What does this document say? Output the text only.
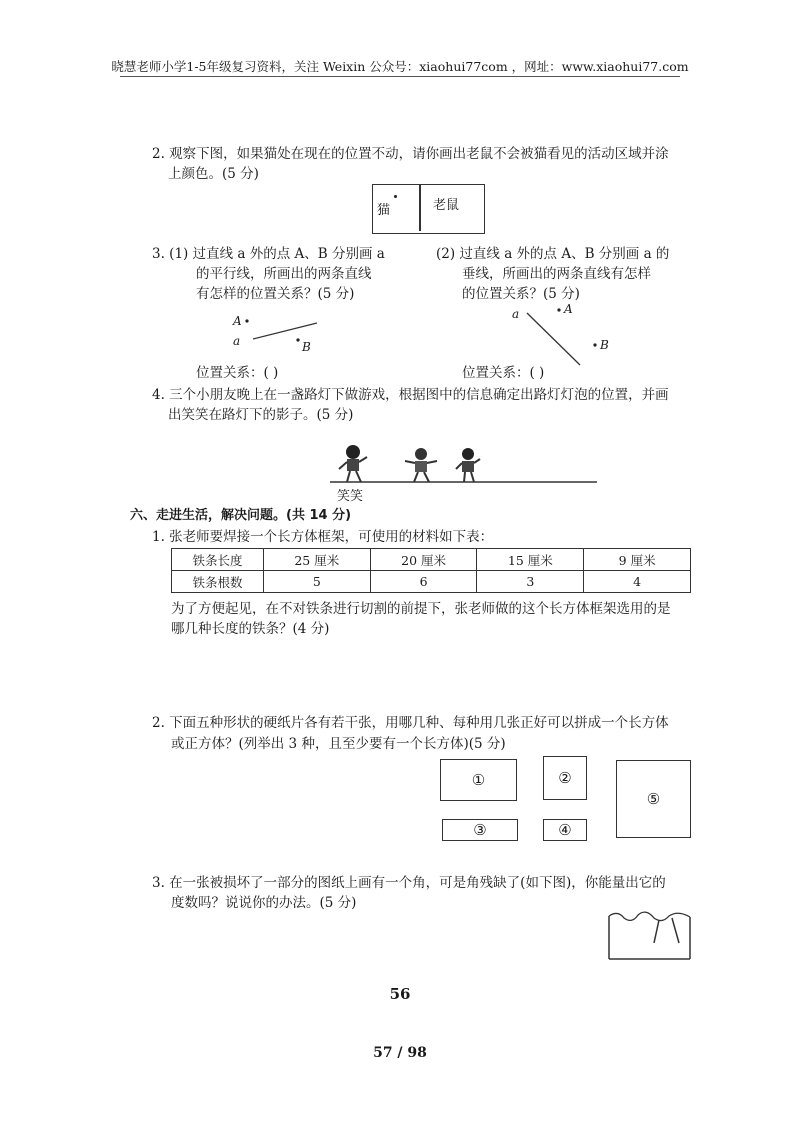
晓慧老师小学1-5年级复习资料，关注 Weixin 公众号：xiaohui77com ，网址：www.xiaohui77.com
2. 观察下图，如果猫处在现在的位置不动，请你画出老鼠不会被猫看见的活动区域并涂
上颜色。(5 分)
猫	老鼠
3. (1) 过直线 a 外的点 A、B 分别画 a
的平行线，所画出的两条直线
有怎样的位置关系？(5 分)
(2) 过直线 a 外的点 A、B 分别画 a 的
垂线，所画出的两条直线有怎样
的位置关系？(5 分)
A
a	B
a	A
B
位置关系：( )	位置关系：( )
4. 三个小朋友晚上在一盏路灯下做游戏，根据图中的信息确定出路灯灯泡的位置，并画
出笑笑在路灯下的影子。(5 分)
笑笑
六、走进生活，解决问题。(共 14 分)
1. 张老师要焊接一个长方体框架，可使用的材料如下表：
铁条长度	25 厘米	20 厘米	15 厘米	9 厘米
铁条根数	5	6	3	4
为了方便起见，在不对铁条进行切割的前提下，张老师做的这个长方体框架选用的是
哪几种长度的铁条？(4 分)
2. 下面五种形状的硬纸片各有若干张，用哪几种、每种用几张正好可以拼成一个长方体
或正方体？(列举出 3 种，且至少要有一个长方体)(5 分)
①	②
③	④
⑤
3. 在一张被损坏了一部分的图纸上画有一个角，可是角残缺了(如下图)，你能量出它的
度数吗？说说你的办法。(5 分)
56
57 / 98
